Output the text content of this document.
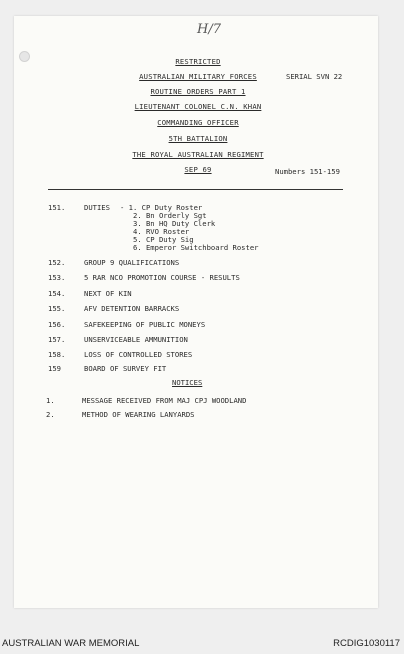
H/7
RESTRICTED
AUSTRALIAN MILITARY FORCES	SERIAL SVN 22
ROUTINE ORDERS PART 1
LIEUTENANT COLONEL C.N. KHAN
COMMANDING OFFICER
5TH BATTALION
THE ROYAL AUSTRALIAN REGIMENT
SEP 69	Numbers 151-159
151.	DUTIES - 1. CP Duty Roster
2. Bn Orderly Sgt
3. Bn HQ Duty Clerk
4. RVO Roster
5. CP Duty Sig
6. Emperor Switchboard Roster
152.	GROUP 9 QUALIFICATIONS
153.	5 RAR NCO PROMOTION COURSE - RESULTS
154.	NEXT OF KIN
155.	AFV DETENTION BARRACKS
156.	SAFEKEEPING OF PUBLIC MONEYS
157.	UNSERVICEABLE AMMUNITION
158.	LOSS OF CONTROLLED STORES
159	BOARD OF SURVEY FIT
NOTICES
1.	MESSAGE RECEIVED FROM MAJ CPJ WOODLAND
2.	METHOD OF WEARING LANYARDS
AUSTRALIAN WAR MEMORIAL	RCDIG1030117
